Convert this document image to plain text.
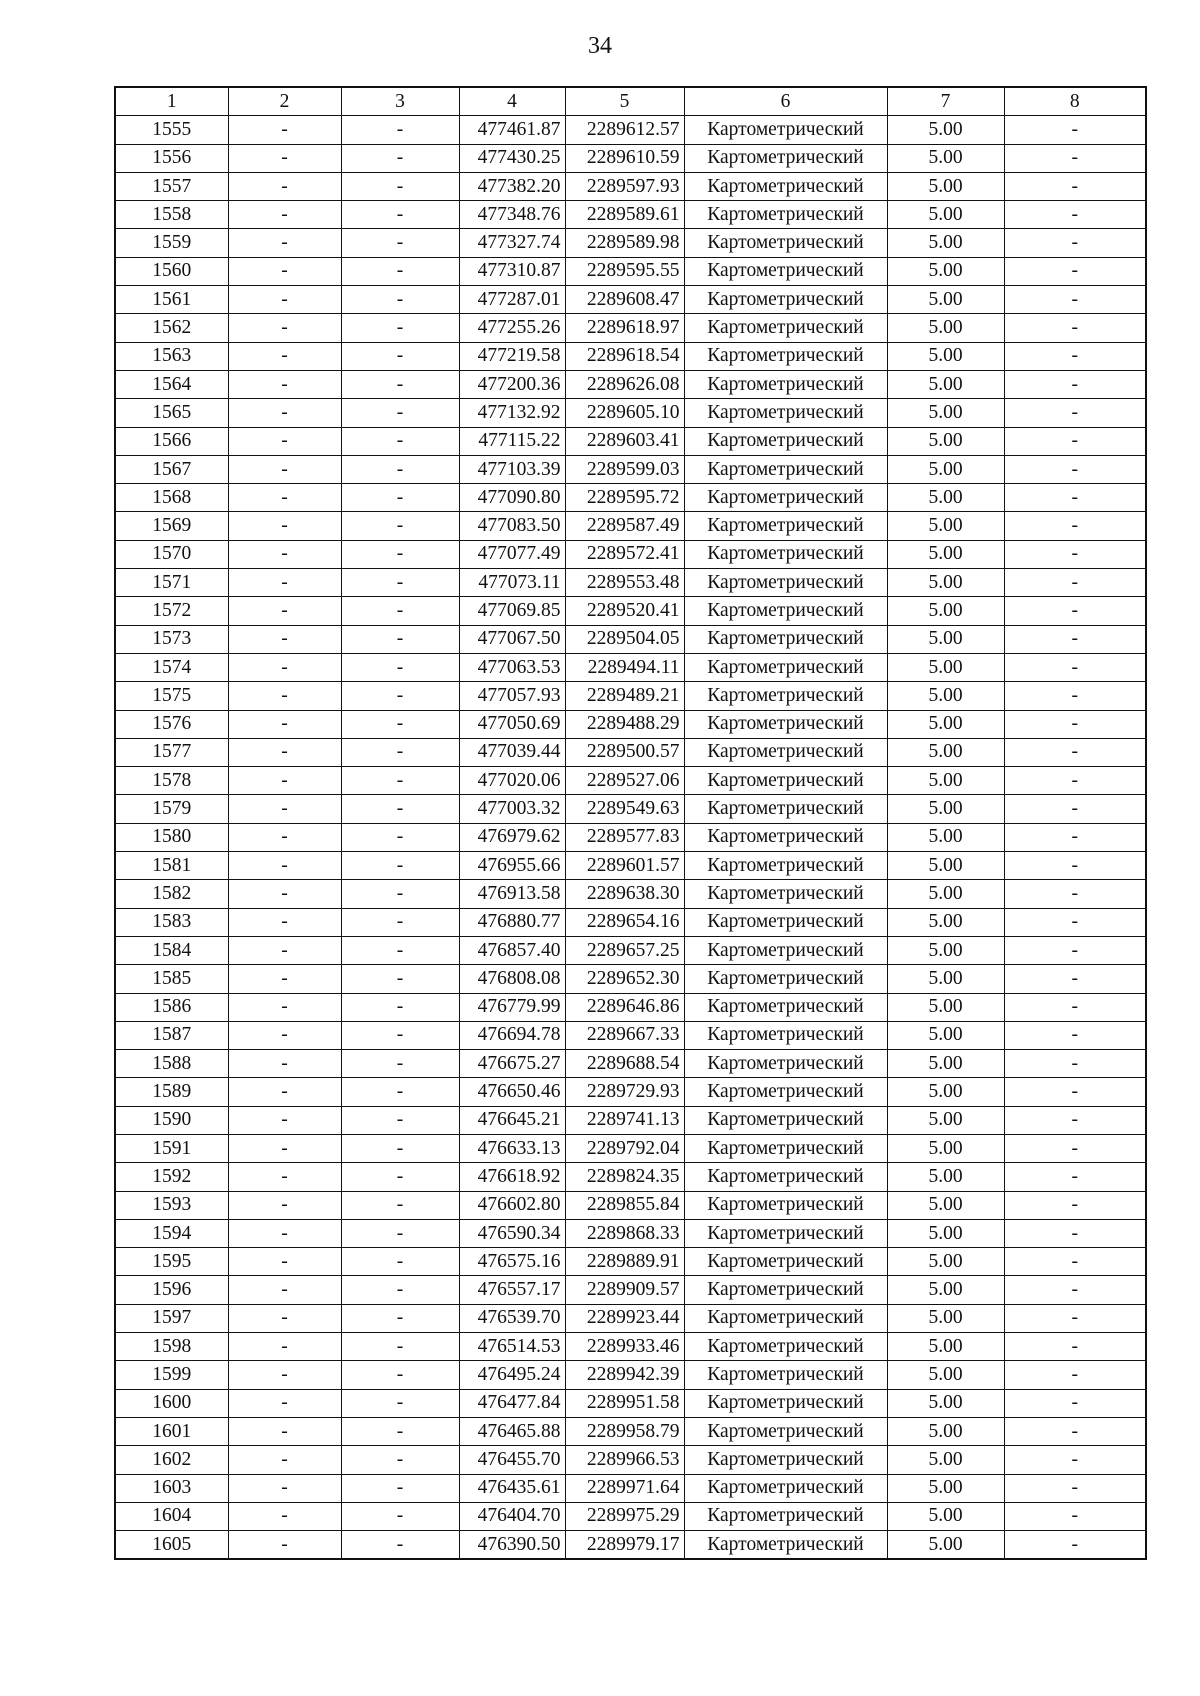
34
1	2	3	4	5	6	7	8
1555	-	-	477461.87	2289612.57	Картометрический	5.00	-
1556	-	-	477430.25	2289610.59	Картометрический	5.00	-
1557	-	-	477382.20	2289597.93	Картометрический	5.00	-
1558	-	-	477348.76	2289589.61	Картометрический	5.00	-
1559	-	-	477327.74	2289589.98	Картометрический	5.00	-
1560	-	-	477310.87	2289595.55	Картометрический	5.00	-
1561	-	-	477287.01	2289608.47	Картометрический	5.00	-
1562	-	-	477255.26	2289618.97	Картометрический	5.00	-
1563	-	-	477219.58	2289618.54	Картометрический	5.00	-
1564	-	-	477200.36	2289626.08	Картометрический	5.00	-
1565	-	-	477132.92	2289605.10	Картометрический	5.00	-
1566	-	-	477115.22	2289603.41	Картометрический	5.00	-
1567	-	-	477103.39	2289599.03	Картометрический	5.00	-
1568	-	-	477090.80	2289595.72	Картометрический	5.00	-
1569	-	-	477083.50	2289587.49	Картометрический	5.00	-
1570	-	-	477077.49	2289572.41	Картометрический	5.00	-
1571	-	-	477073.11	2289553.48	Картометрический	5.00	-
1572	-	-	477069.85	2289520.41	Картометрический	5.00	-
1573	-	-	477067.50	2289504.05	Картометрический	5.00	-
1574	-	-	477063.53	2289494.11	Картометрический	5.00	-
1575	-	-	477057.93	2289489.21	Картометрический	5.00	-
1576	-	-	477050.69	2289488.29	Картометрический	5.00	-
1577	-	-	477039.44	2289500.57	Картометрический	5.00	-
1578	-	-	477020.06	2289527.06	Картометрический	5.00	-
1579	-	-	477003.32	2289549.63	Картометрический	5.00	-
1580	-	-	476979.62	2289577.83	Картометрический	5.00	-
1581	-	-	476955.66	2289601.57	Картометрический	5.00	-
1582	-	-	476913.58	2289638.30	Картометрический	5.00	-
1583	-	-	476880.77	2289654.16	Картометрический	5.00	-
1584	-	-	476857.40	2289657.25	Картометрический	5.00	-
1585	-	-	476808.08	2289652.30	Картометрический	5.00	-
1586	-	-	476779.99	2289646.86	Картометрический	5.00	-
1587	-	-	476694.78	2289667.33	Картометрический	5.00	-
1588	-	-	476675.27	2289688.54	Картометрический	5.00	-
1589	-	-	476650.46	2289729.93	Картометрический	5.00	-
1590	-	-	476645.21	2289741.13	Картометрический	5.00	-
1591	-	-	476633.13	2289792.04	Картометрический	5.00	-
1592	-	-	476618.92	2289824.35	Картометрический	5.00	-
1593	-	-	476602.80	2289855.84	Картометрический	5.00	-
1594	-	-	476590.34	2289868.33	Картометрический	5.00	-
1595	-	-	476575.16	2289889.91	Картометрический	5.00	-
1596	-	-	476557.17	2289909.57	Картометрический	5.00	-
1597	-	-	476539.70	2289923.44	Картометрический	5.00	-
1598	-	-	476514.53	2289933.46	Картометрический	5.00	-
1599	-	-	476495.24	2289942.39	Картометрический	5.00	-
1600	-	-	476477.84	2289951.58	Картометрический	5.00	-
1601	-	-	476465.88	2289958.79	Картометрический	5.00	-
1602	-	-	476455.70	2289966.53	Картометрический	5.00	-
1603	-	-	476435.61	2289971.64	Картометрический	5.00	-
1604	-	-	476404.70	2289975.29	Картометрический	5.00	-
1605	-	-	476390.50	2289979.17	Картометрический	5.00	-
